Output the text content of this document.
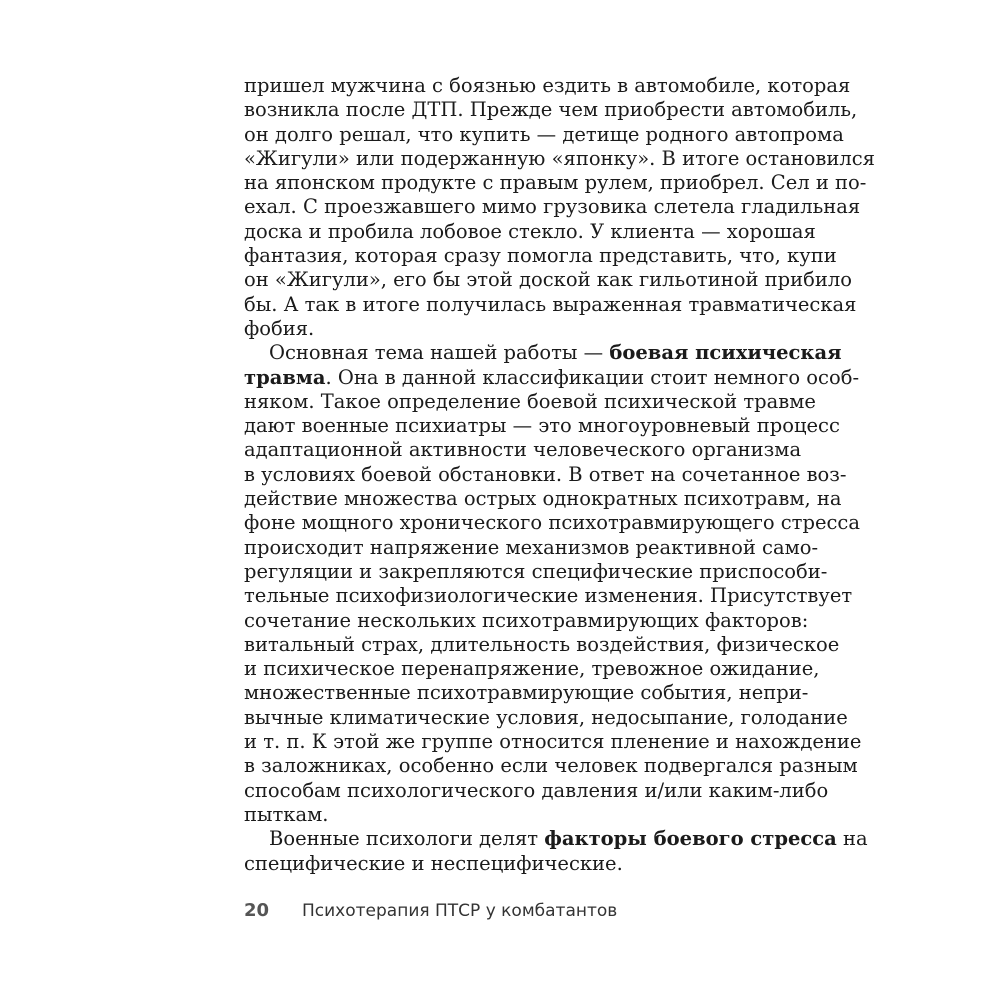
пришел мужчина с боязнью ездить в автомобиле, которая
возникла после ДТП. Прежде чем приобрести автомобиль,
он долго решал, что купить — детище родного автопрома
«Жигули» или подержанную «японку». В итоге остановился
на японском продукте с правым рулем, приобрел. Сел и по-
ехал. С проезжавшего мимо грузовика слетела гладильная
доска и пробила лобовое стекло. У клиента — хорошая
фантазия, которая сразу помогла представить, что, купи
он «Жигули», его бы этой доской как гильотиной прибило
бы. А так в итоге получилась выраженная травматическая
фобия.
Основная тема нашей работы — боевая психическая
травма. Она в данной классификации стоит немного особ-
няком. Такое определение боевой психической травме
дают военные психиатры — это многоуровневый процесс
адаптационной активности человеческого организма
в условиях боевой обстановки. В ответ на сочетанное воз-
действие множества острых однократных психотравм, на
фоне мощного хронического психотравмирующего стресса
происходит напряжение механизмов реактивной само-
регуляции и закрепляются специфические приспособи-
тельные психофизиологические изменения. Присутствует
сочетание нескольких психотравмирующих факторов:
витальный страх, длительность воздействия, физическое
и психическое перенапряжение, тревожное ожидание,
множественные психотравмирующие события, непри-
вычные климатические условия, недосыпание, голодание
и т. п. К этой же группе относится пленение и нахождение
в заложниках, особенно если человек подвергался разным
способам психологического давления и/или каким-либо
пыткам.
Военные психологи делят факторы боевого стресса на
специфические и неспецифические.
20	Психотерапия ПТСР у комбатантов
